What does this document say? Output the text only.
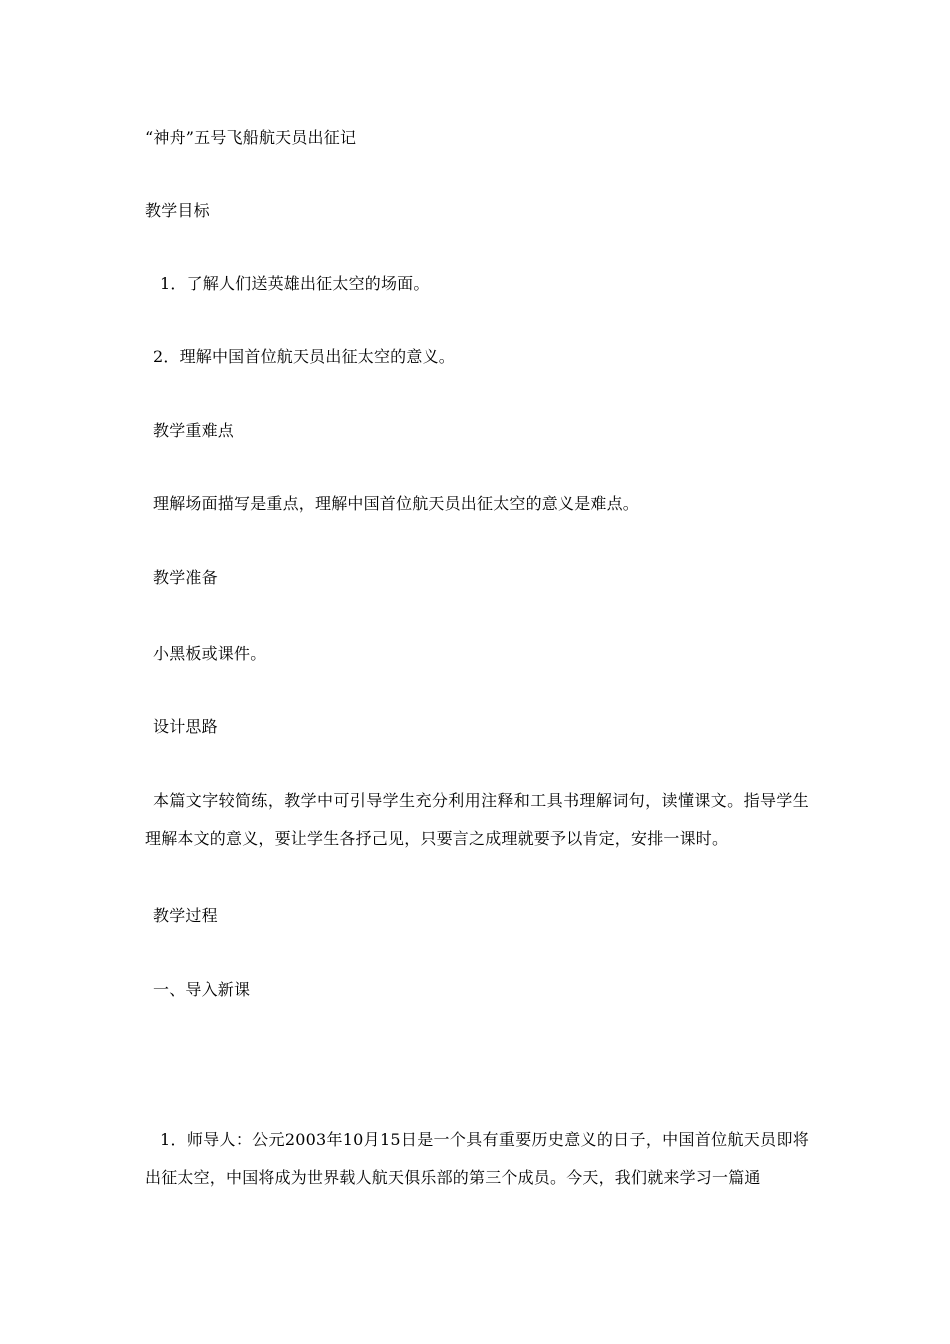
“神舟”五号飞船航天员出征记
教学目标
1．了解人们送英雄出征太空的场面。
2．理解中国首位航天员出征太空的意义。
教学重难点
理解场面描写是重点，理解中国首位航天员出征太空的意义是难点。
教学准备
小黑板或课件。
设计思路
本篇文字较简练，教学中可引导学生充分利用注释和工具书理解词句，读懂课文。指导学生理解本文的意义，要让学生各抒己见，只要言之成理就要予以肯定，安排一课时。
教学过程
一、导入新课
1．师导人：公元2003年10月15日是一个具有重要历史意义的日子，中国首位航天员即将出征太空，中国将成为世界载人航天俱乐部的第三个成员。今天，我们就来学习一篇通
